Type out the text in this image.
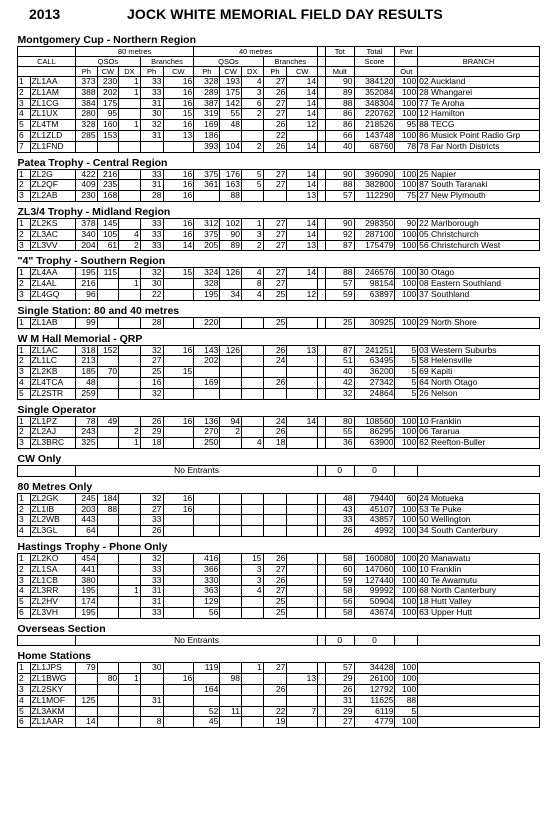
2013	JOCK WHITE MEMORIAL FIELD DAY RESULTS
Montgomery Cup - Northern Region																
		80 metres					40 metres						Tot	Total	Pwr	
CALL		QSOs			Branches		QSOs			Branches				Score		BRANCH
		Ph	CW	DX	Ph	CW	Ph	CW	DX	Ph	CW		Mult		Out	
1	ZL1AA	373	230	1	33	16	328	193	4	27	14		90	384120	100	02 Auckland
2	ZL1AM	388	202	1	33	16	289	175	3	26	14		89	352084	100	28 Whangarei
3	ZL1CG	384	175		31	16	387	142	6	27	14		88	348304	100	77 Te Aroha
4	ZL1UX	280	95		30	15	319	55	2	27	14		86	220762	100	12 Hamilton
5	ZL4TM	328	160	1	32	16	169	48		26	12		86	218526	95	88 TECG
6	ZL1ZLD	285	153		31	13	186			22			66	143748	100	86 Musick Point Radio Grp
7	ZL1FND						393	104	2	26	14		40	68760	78	78 Far North Districts
Patea Trophy - Central Region																
1	ZL2G	422	216		33	16	375	176	5	27	14		90	396090	100	25 Napier
2	ZL2QF	409	235		31	16	361	163	5	27	14		88	382800	100	87 South Taranaki
3	ZL2AB	230	168		28	16		88			13		57	112290	75	27 New Plymouth
ZL3/4 Trophy - Midland Region																
1	ZL2KS	378	145		33	16	312	102	1	27	14		90	298350	90	22 Marlborough
2	ZL3AC	340	105	4	33	16	375	90	3	27	14		92	287100	100	05 Christchurch
3	ZL3VV	204	61	2	33	14	205	89	2	27	13		87	175479	100	56 Christchurch West
"4" Trophy - Southern Region																
1	ZL4AA	195	115		32	15	324	126	4	27	14		88	246576	100	30 Otago
2	ZL4AL	216		1	30		328		8	27			57	98154	100	08 Eastern Southland
3	ZL4GQ	96			22		195	34	4	25	12		59	63897	100	37 Southland
Single Station: 80 and 40 metres																
1	ZL1AB	99			28		220			25			25	30925	100	29 North Shore
W M Hall Memorial - QRP																
1	ZL1AC	318	152		32	16	143	126		26	13		87	241251	5	03 Western Suburbs
2	ZL1LC	213			27		202			24			51	63495	5	58 Helensville
3	ZL2KB	185	70		25	15							40	36200	5	69 Kapiti
4	ZL4TCA	48			16		169			26			42	27342	5	64 North Otago
5	ZL2STR	259			32								32	24864	5	26 Nelson
Single Operator																
1	ZL1PZ	78	49		26	16	136	94		24	14		80	108560	100	10 Franklin
2	ZL2AJ	243		2	29		270	2		26			55	86295	100	06 Tararua
3	ZL3BRC	325		1	18		250		4	18			36	63900	100	62 Reefton-Buller
CW Only																
		No Entrants											0	0		
80 Metres Only																
1	ZL2GK	245	184		32	16							48	79440	60	24 Motueka
2	ZL1IB	203	88		27	16							43	45107	100	53 Te Puke
3	ZL2WB	443			33								33	43857	100	50 Wellington
4	ZL3GL	64			26								26	4992	100	34 South Canterbury
Hastings Trophy - Phone Only																
1	ZL2KO	454			32		416		15	26			58	160080	100	20 Manawatu
2	ZL1SA	441			33		366		3	27			60	147060	100	10 Franklin
3	ZL1CB	380			33		330		3	26			59	127440	100	40 Te Awamutu
4	ZL3RR	195		1	31		363		4	27			58	99992	100	68 North Canterbury
5	ZL2HV	174			31		129			25			56	50904	100	18 Hutt Valley
6	ZL3VH	195			33		56			25			58	43674	100	63 Upper Hutt
Overseas Section																
		No Entrants											0	0		
Home Stations																
1	ZL1JPS	79			30		119		1	27			57	34428	100	
2	ZL1BWG		80	1		16		98			13		29	26100	100	
3	ZL2SKY						164			26			26	12792	100	
4	ZL1MOF	125			31								31	11625	88	
5	ZL3AKM						52	11		22	7		29	6119	5	
6	ZL1AAR	14			8		45			19			27	4779	100	
